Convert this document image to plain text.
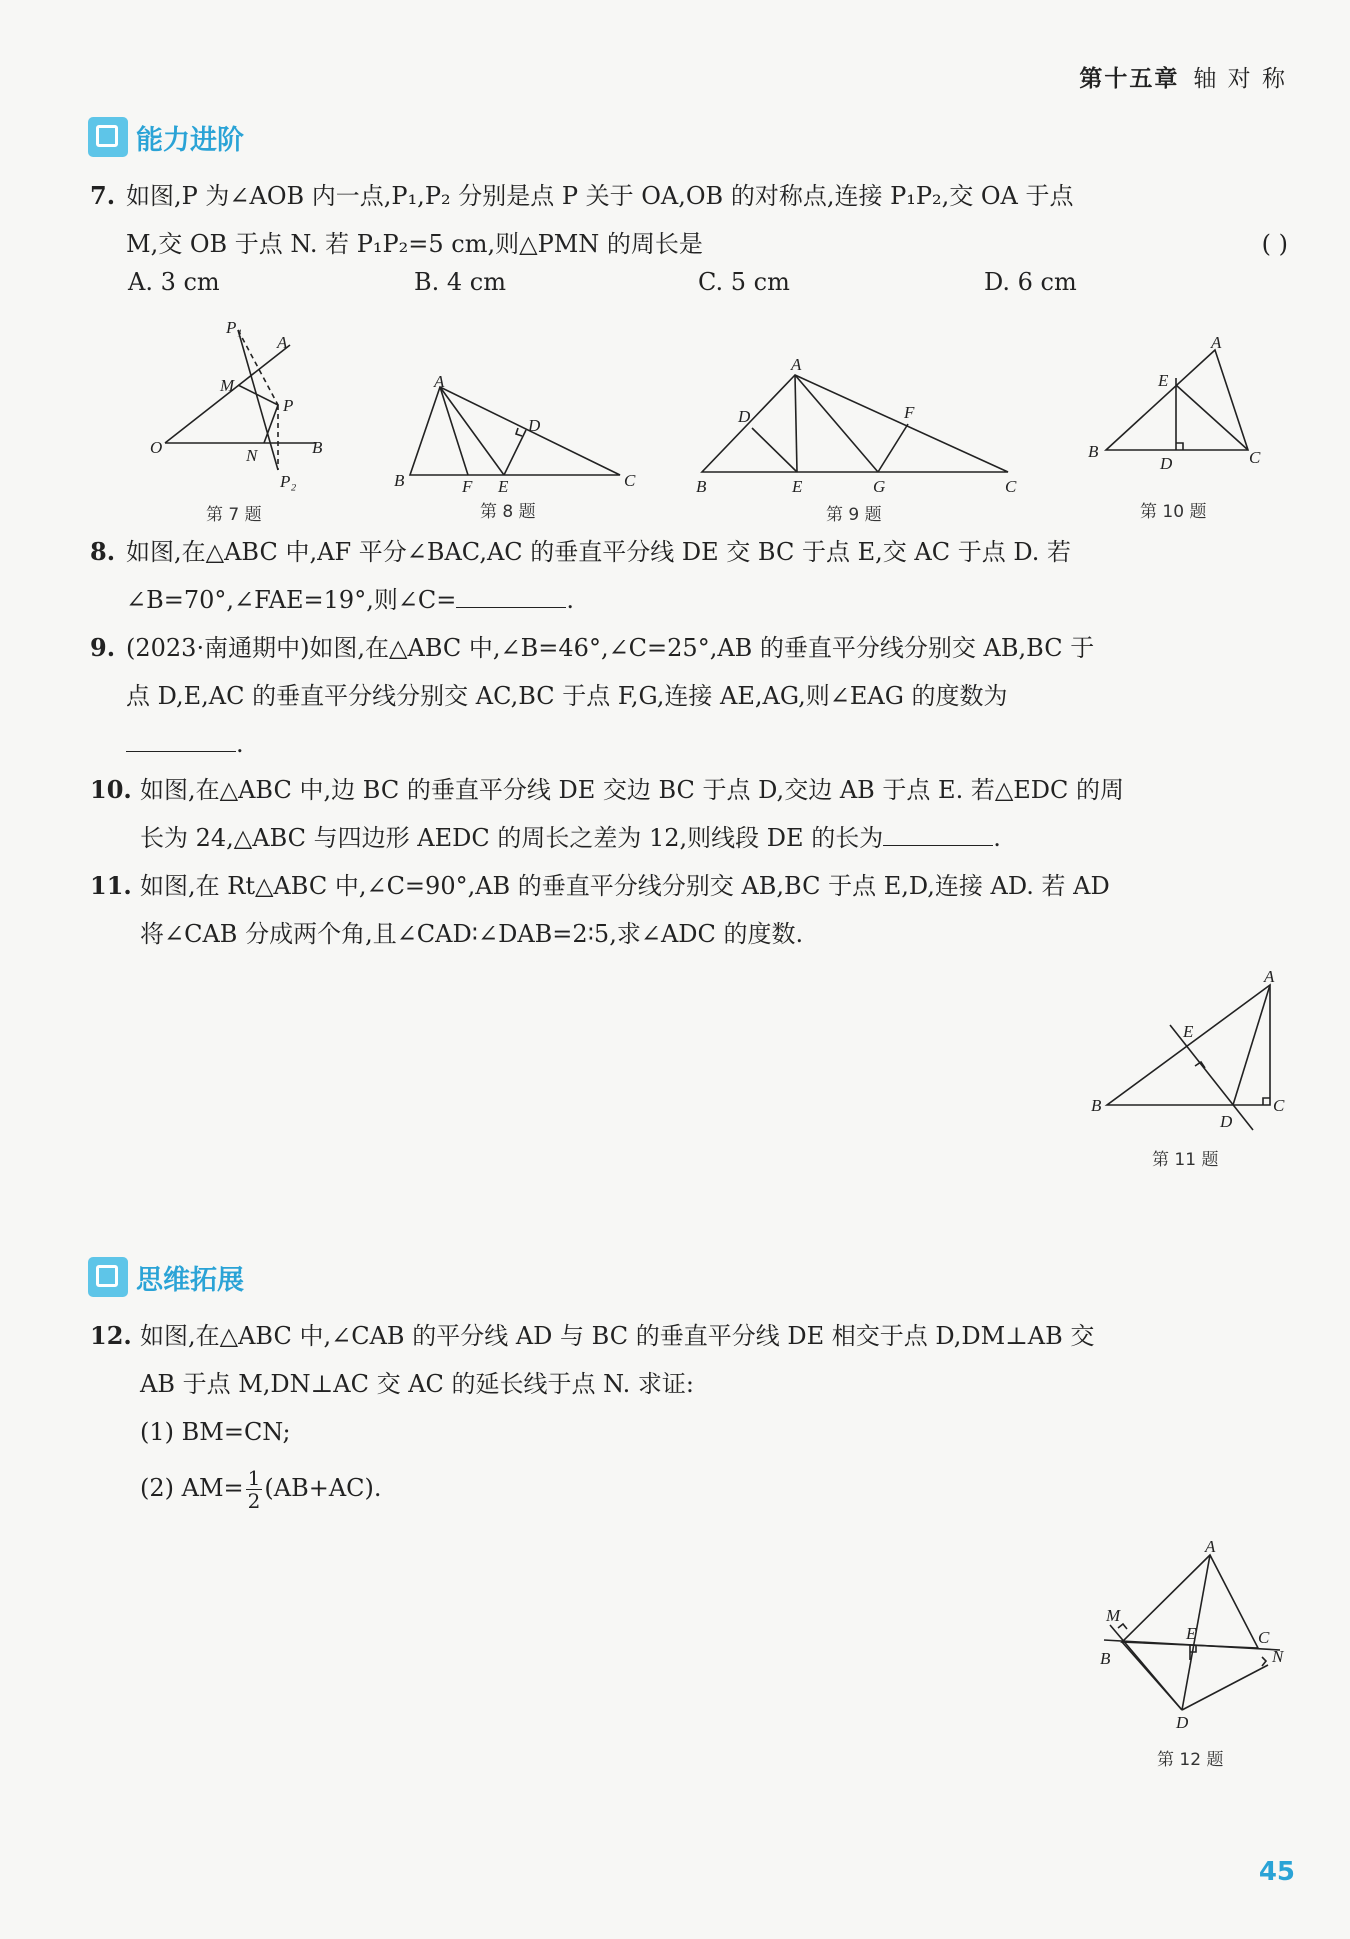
第十五章 轴 对 称
能力进阶
7. 如图,P 为∠AOB 内一点,P₁,P₂ 分别是点 P 关于 OA,OB 的对称点,连接 P₁P₂,交 OA 于点
M,交 OB 于点 N. 若 P₁P₂=5 cm,则△PMN 的周长是	( )
A. 3 cm	B. 4 cm	C. 5 cm	D. 6 cm
P₁
A
M
P
O	N	B
P₂
第 7 题
A
D
B	F E	C
第 8 题
A
D	F
B	E	G	C
第 9 题
A
E
B
D	C
第 10 题
8. 如图,在△ABC 中,AF 平分∠BAC,AC 的垂直平分线 DE 交 BC 于点 E,交 AC 于点 D. 若
∠B=70°,∠FAE=19°,则∠C=	.
9. (2023·南通期中)如图,在△ABC 中,∠B=46°,∠C=25°,AB 的垂直平分线分别交 AB,BC 于
点 D,E,AC 的垂直平分线分别交 AC,BC 于点 F,G,连接 AE,AG,则∠EAG 的度数为
.
10. 如图,在△ABC 中,边 BC 的垂直平分线 DE 交边 BC 于点 D,交边 AB 于点 E. 若△EDC 的周
长为 24,△ABC 与四边形 AEDC 的周长之差为 12,则线段 DE 的长为	.
11. 如图,在 Rt△ABC 中,∠C=90°,AB 的垂直平分线分别交 AB,BC 于点 E,D,连接 AD. 若 AD
将∠CAB 分成两个角,且∠CAD∶∠DAB=2∶5,求∠ADC 的度数.
A
E
B
D
C
第 11 题
思维拓展
12. 如图,在△ABC 中,∠CAB 的平分线 AD 与 BC 的垂直平分线 DE 相交于点 D,DM⊥AB 交
AB 于点 M,DN⊥AC 交 AC 的延长线于点 N. 求证:
(1) BM=CN;
(2) $AM= \frac{1}{2} (AB+AC)$.
A
M
B
E	C
N
D
第 12 题
45
